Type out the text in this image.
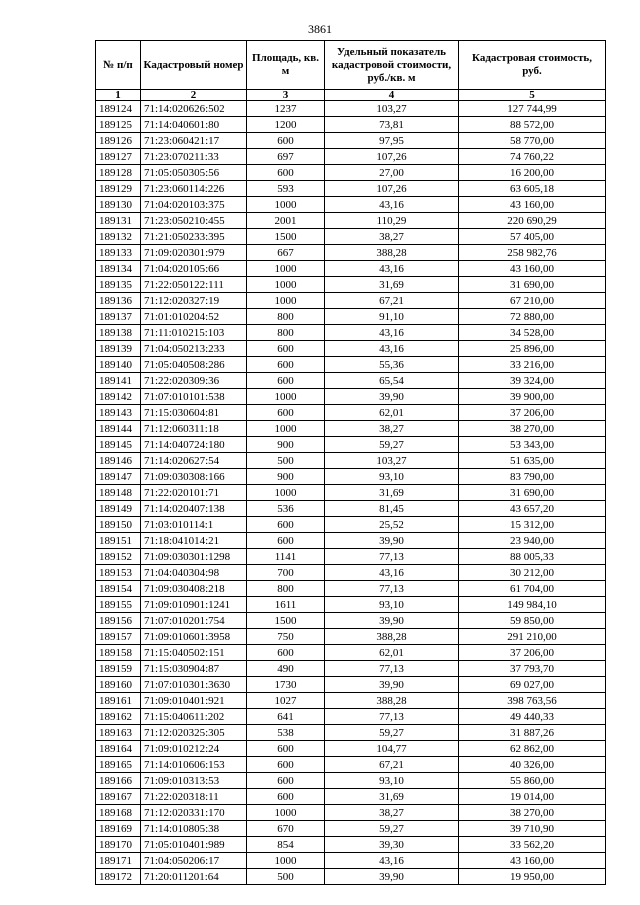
3861
№ п/п	Кадастровый номер	Площадь, кв. м	Удельный показатель кадастровой стоимости, руб./кв. м	Кадастровая стоимость, руб.
1	2	3	4	5
189124	71:14:020626:502	1237	103,27	127 744,99
189125	71:14:040601:80	1200	73,81	88 572,00
189126	71:23:060421:17	600	97,95	58 770,00
189127	71:23:070211:33	697	107,26	74 760,22
189128	71:05:050305:56	600	27,00	16 200,00
189129	71:23:060114:226	593	107,26	63 605,18
189130	71:04:020103:375	1000	43,16	43 160,00
189131	71:23:050210:455	2001	110,29	220 690,29
189132	71:21:050233:395	1500	38,27	57 405,00
189133	71:09:020301:979	667	388,28	258 982,76
189134	71:04:020105:66	1000	43,16	43 160,00
189135	71:22:050122:111	1000	31,69	31 690,00
189136	71:12:020327:19	1000	67,21	67 210,00
189137	71:01:010204:52	800	91,10	72 880,00
189138	71:11:010215:103	800	43,16	34 528,00
189139	71:04:050213:233	600	43,16	25 896,00
189140	71:05:040508:286	600	55,36	33 216,00
189141	71:22:020309:36	600	65,54	39 324,00
189142	71:07:010101:538	1000	39,90	39 900,00
189143	71:15:030604:81	600	62,01	37 206,00
189144	71:12:060311:18	1000	38,27	38 270,00
189145	71:14:040724:180	900	59,27	53 343,00
189146	71:14:020627:54	500	103,27	51 635,00
189147	71:09:030308:166	900	93,10	83 790,00
189148	71:22:020101:71	1000	31,69	31 690,00
189149	71:14:020407:138	536	81,45	43 657,20
189150	71:03:010114:1	600	25,52	15 312,00
189151	71:18:041014:21	600	39,90	23 940,00
189152	71:09:030301:1298	1141	77,13	88 005,33
189153	71:04:040304:98	700	43,16	30 212,00
189154	71:09:030408:218	800	77,13	61 704,00
189155	71:09:010901:1241	1611	93,10	149 984,10
189156	71:07:010201:754	1500	39,90	59 850,00
189157	71:09:010601:3958	750	388,28	291 210,00
189158	71:15:040502:151	600	62,01	37 206,00
189159	71:15:030904:87	490	77,13	37 793,70
189160	71:07:010301:3630	1730	39,90	69 027,00
189161	71:09:010401:921	1027	388,28	398 763,56
189162	71:15:040611:202	641	77,13	49 440,33
189163	71:12:020325:305	538	59,27	31 887,26
189164	71:09:010212:24	600	104,77	62 862,00
189165	71:14:010606:153	600	67,21	40 326,00
189166	71:09:010313:53	600	93,10	55 860,00
189167	71:22:020318:11	600	31,69	19 014,00
189168	71:12:020331:170	1000	38,27	38 270,00
189169	71:14:010805:38	670	59,27	39 710,90
189170	71:05:010401:989	854	39,30	33 562,20
189171	71:04:050206:17	1000	43,16	43 160,00
189172	71:20:011201:64	500	39,90	19 950,00
